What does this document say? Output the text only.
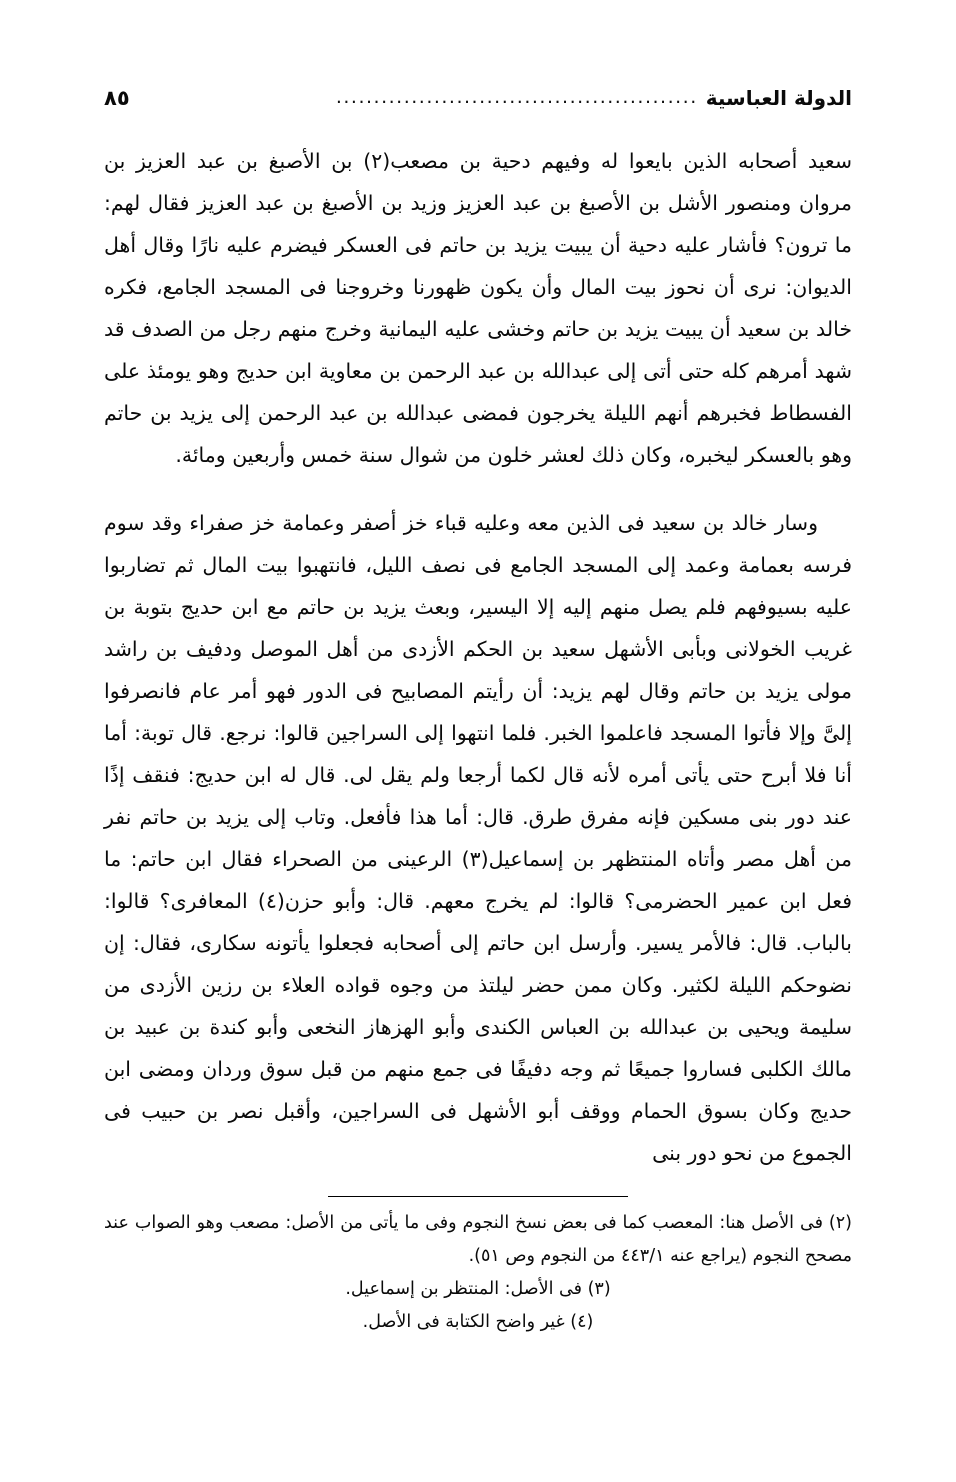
الدولة العباسية
................................................
٨٥

سعيد أصحابه الذين بايعوا له وفيهم دحية بن مصعب(٢) بن الأصبغ بن عبد العزيز بن مروان ومنصور الأشل بن الأصبغ بن عبد العزيز وزيد بن الأصبغ بن عبد العزيز فقال لهم: ما ترون؟ فأشار عليه دحية أن يبيت يزيد بن حاتم فى العسكر فيضرم عليه نارًا وقال أهل الديوان: نرى أن نحوز بيت المال وأن يكون ظهورنا وخروجنا فى المسجد الجامع، فكره خالد بن سعيد أن يبيت يزيد بن حاتم وخشى عليه اليمانية وخرج منهم رجل من الصدف قد شهد أمرهم كله حتى أتى إلى عبدالله بن عبد الرحمن بن معاوية ابن حديج وهو يومئذ على الفسطاط فخبرهم أنهم الليلة يخرجون فمضى عبدالله بن عبد الرحمن إلى يزيد بن حاتم وهو بالعسكر ليخبره، وكان ذلك لعشر خلون من شوال سنة خمس وأربعين ومائة.

وسار خالد بن سعيد فى الذين معه وعليه قباء خز أصفر وعمامة خز صفراء وقد سوم فرسه بعمامة وعمد إلى المسجد الجامع فى نصف الليل، فانتهبوا بيت المال ثم تضاربوا عليه بسيوفهم فلم يصل منهم إليه إلا اليسير، وبعث يزيد بن حاتم مع ابن حديج بتوبة بن غريب الخولانى وبأبى الأشهل سعيد بن الحكم الأزدى من أهل الموصل ودفيف بن راشد مولى يزيد بن حاتم وقال لهم يزيد: أن رأيتم المصابيح فى الدور فهو أمر عام فانصرفوا إلىَّ وإلا فأتوا المسجد فاعلموا الخبر. فلما انتهوا إلى السراجين قالوا: نرجع. قال توبة: أما أنا فلا أبرح حتى يأتى أمره لأنه قال لكما أرجعا ولم يقل لى. قال له ابن حديج: فنقف إذًا عند دور بنى مسكين فإنه مفرق طرق. قال: أما هذا فأفعل. وتاب إلى يزيد بن حاتم نفر من أهل مصر وأتاه المنتظهر بن إسماعيل(٣) الرعينى من الصحراء فقال ابن حاتم: ما فعل ابن عمير الحضرمى؟ قالوا: لم يخرج معهم. قال: وأبو حزن(٤) المعافرى؟ قالوا: بالباب. قال: فالأمر يسير. وأرسل ابن حاتم إلى أصحابه فجعلوا يأتونه سكارى، فقال: إن نضوحكم الليلة لكثير. وكان ممن حضر ليلتذ من وجوه قواده العلاء بن رزين الأزدى من سليمة ويحيى بن عبدالله بن العباس الكندى وأبو الهزهاز النخعى وأبو كندة بن عبيد بن مالك الكلبى فساروا جميعًا ثم وجه دفيفًا فى جمع منهم من قبل سوق وردان ومضى ابن حديج وكان بسوق الحمام ووقف أبو الأشهل فى السراجين، وأقبل نصر بن حبيب فى الجموع من نحو دور بنى

(٢) فى الأصل هنا: المعصب كما فى بعض نسخ النجوم وفى ما يأتى من الأصل: مصعب وهو الصواب عند مصحح النجوم (يراجع عنه ٤٤٣/١ من النجوم وص ٥١).

(٣) فى الأصل: المنتظر بن إسماعيل.

(٤) غير واضح الكتابة فى الأصل.
